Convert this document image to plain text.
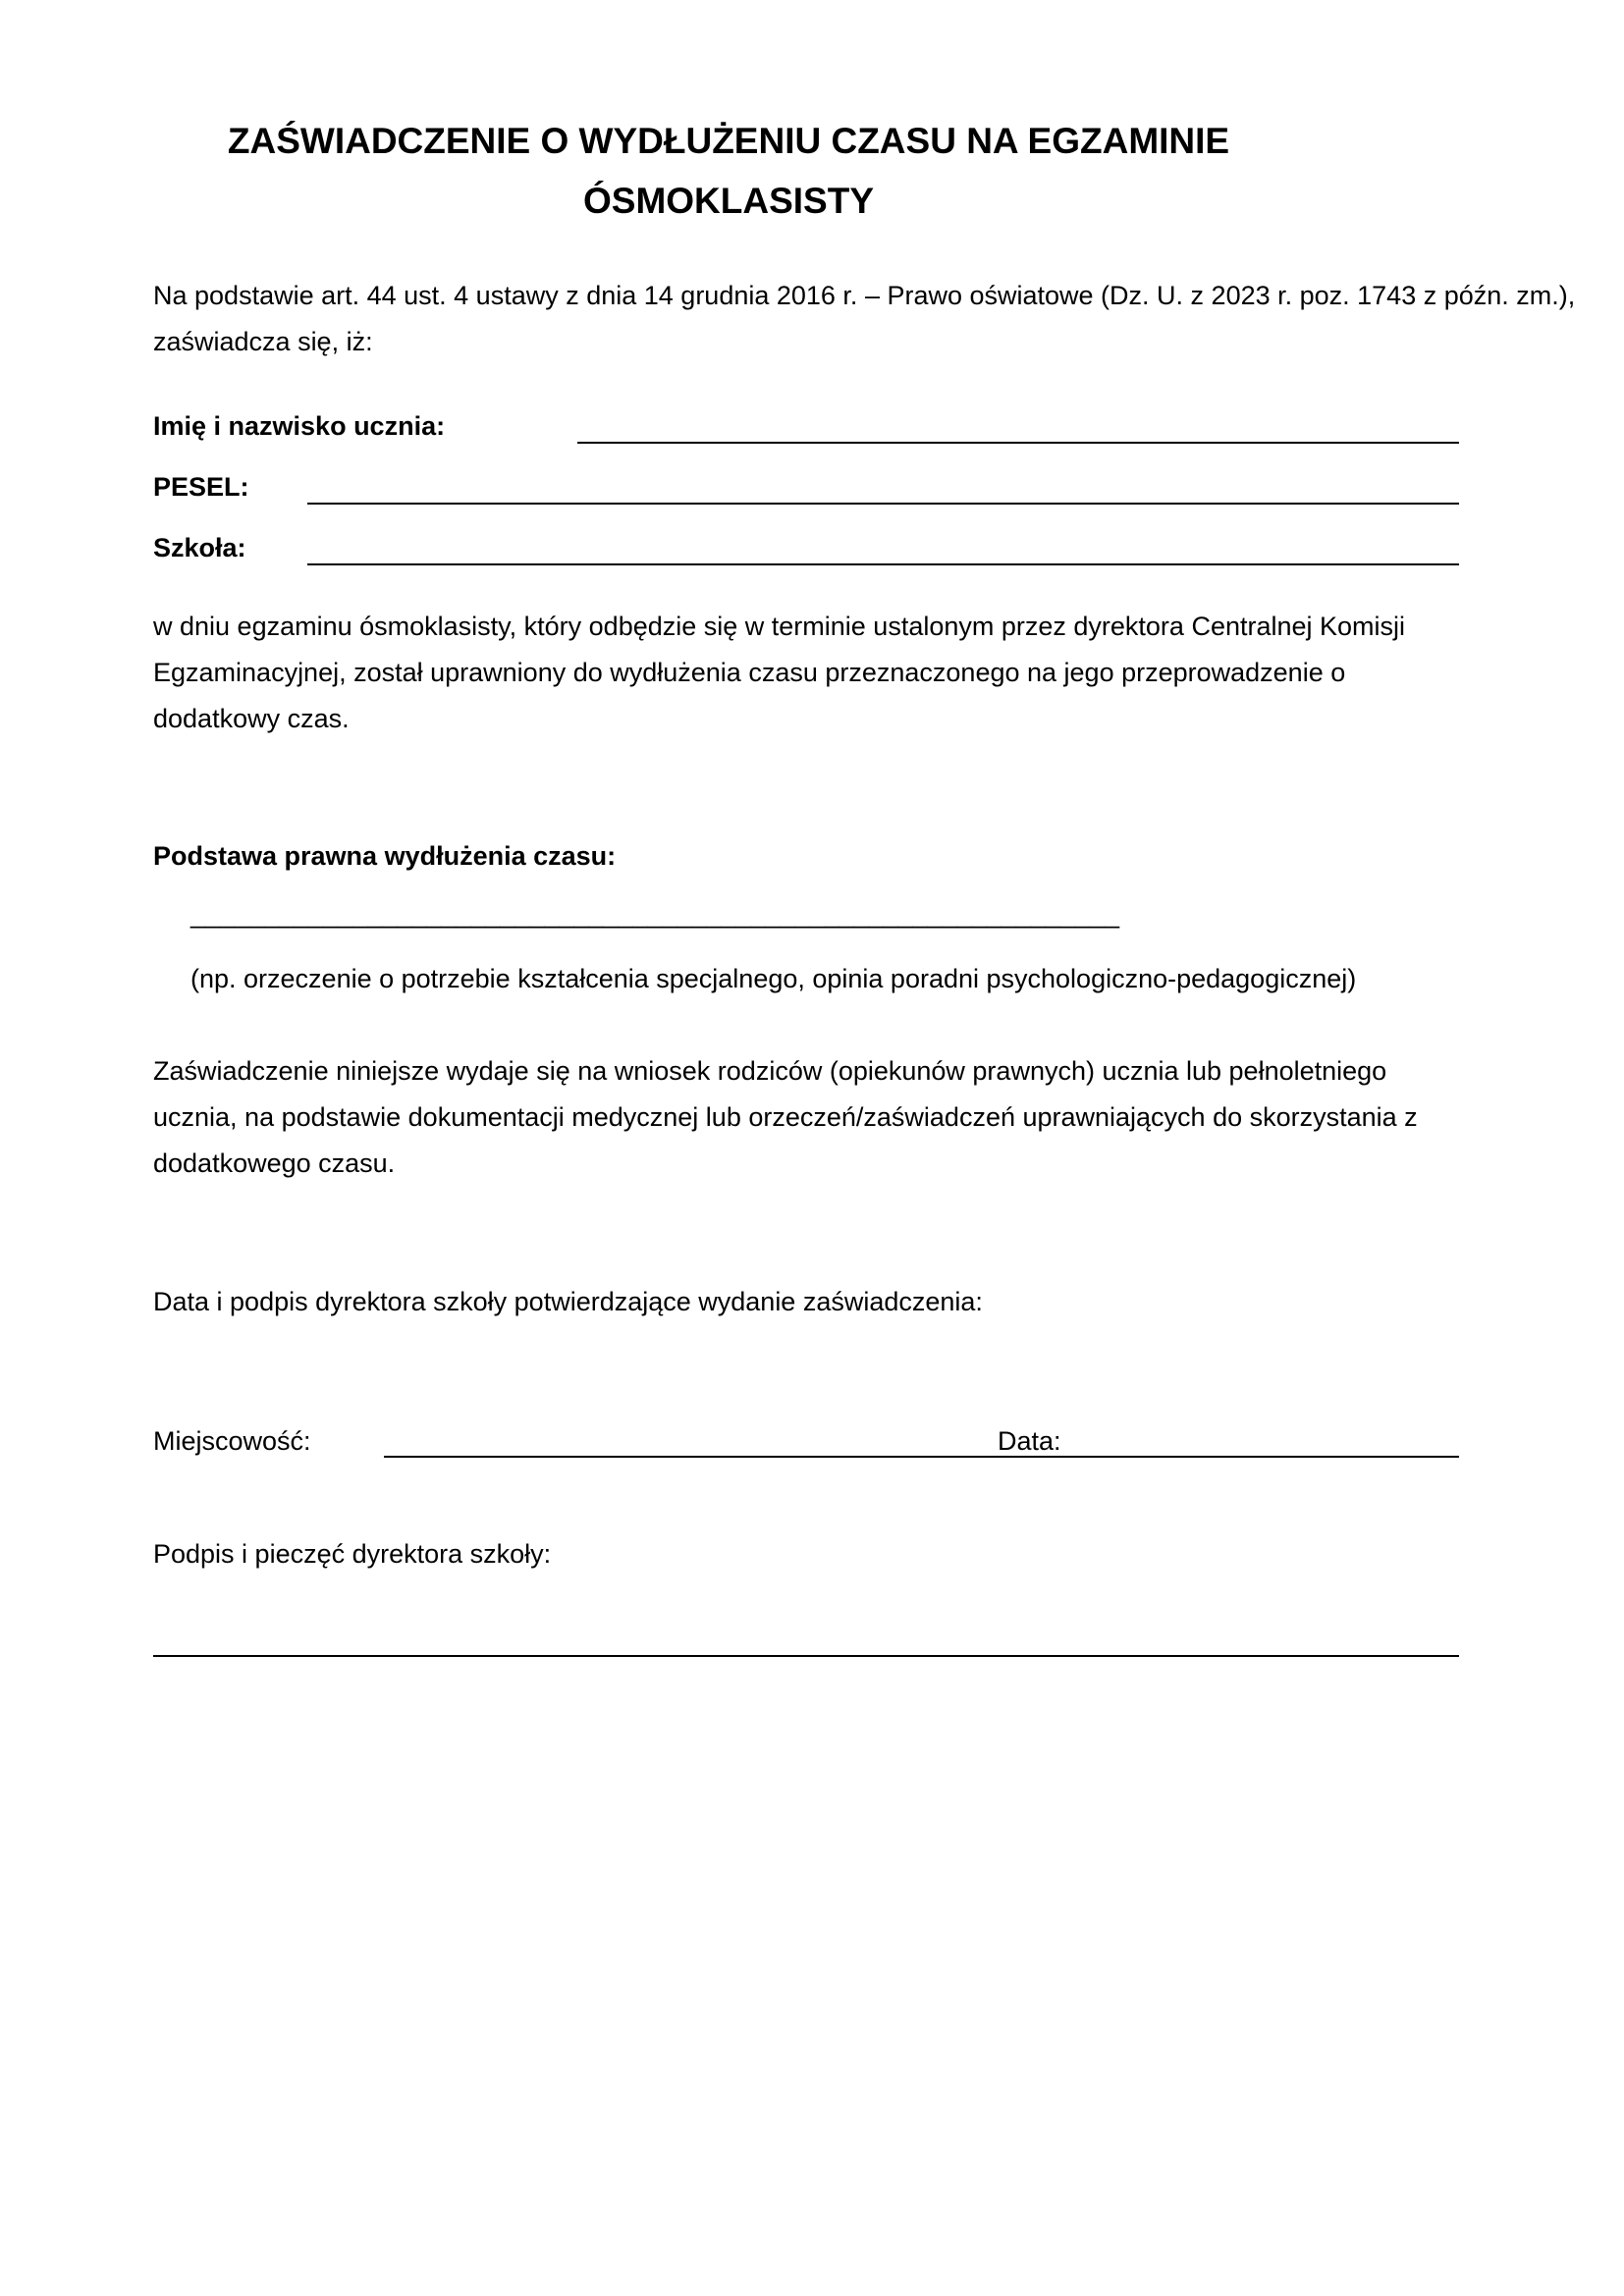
ZAŚWIADCZENIE O WYDŁUŻENIU CZASU NA EGZAMINIE
ÓSMOKLASISTY
Na podstawie art. 44 ust. 4 ustawy z dnia 14 grudnia 2016 r. – Prawo oświatowe (Dz. U. z 2023 r. poz. 1743 z późn. zm.),
zaświadcza się, iż:
Imię i nazwisko ucznia:
PESEL:
Szkoła:
w dniu egzaminu ósmoklasisty, który odbędzie się w terminie ustalonym przez dyrektora Centralnej Komisji
Egzaminacyjnej, został uprawniony do wydłużenia czasu przeznaczonego na jego przeprowadzenie o
dodatkowy czas.
Podstawa prawna wydłużenia czasu:
_______________________________________________________________
(np. orzeczenie o potrzebie kształcenia specjalnego, opinia poradni psychologiczno-pedagogicznej)
Zaświadczenie niniejsze wydaje się na wniosek rodziców (opiekunów prawnych) ucznia lub pełnoletniego
ucznia, na podstawie dokumentacji medycznej lub orzeczeń/zaświadczeń uprawniających do skorzystania z
dodatkowego czasu.
Data i podpis dyrektora szkoły potwierdzające wydanie zaświadczenia:
Miejscowość:	Data:
Podpis i pieczęć dyrektora szkoły:
